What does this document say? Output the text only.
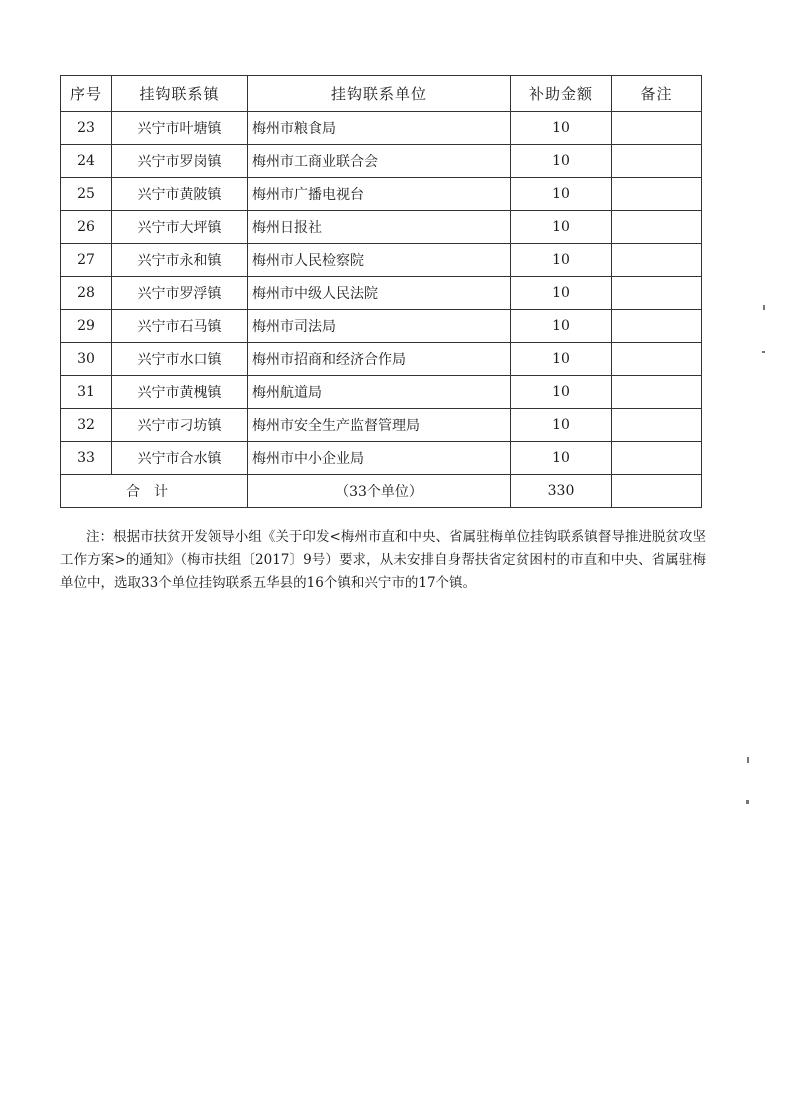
序号	挂钩联系镇	挂钩联系单位	补助金额	备注
23	兴宁市叶塘镇	梅州市粮食局	10	
24	兴宁市罗岗镇	梅州市工商业联合会	10	
25	兴宁市黄陂镇	梅州市广播电视台	10	
26	兴宁市大坪镇	梅州日报社	10	
27	兴宁市永和镇	梅州市人民检察院	10	
28	兴宁市罗浮镇	梅州市中级人民法院	10	
29	兴宁市石马镇	梅州市司法局	10	
30	兴宁市水口镇	梅州市招商和经济合作局	10	
31	兴宁市黄槐镇	梅州航道局	10	
32	兴宁市刁坊镇	梅州市安全生产监督管理局	10	
33	兴宁市合水镇	梅州市中小企业局	10	
合计		（33个单位）	330	

注：根据市扶贫开发领导小组《关于印发<梅州市直和中央、省属驻梅单位挂钩联系镇督导推进脱贫攻坚工作方案>的通知》（梅市扶组〔2017〕9号）要求，从未安排自身帮扶省定贫困村的市直和中央、省属驻梅单位中，选取33个单位挂钩联系五华县的16个镇和兴宁市的17个镇。
